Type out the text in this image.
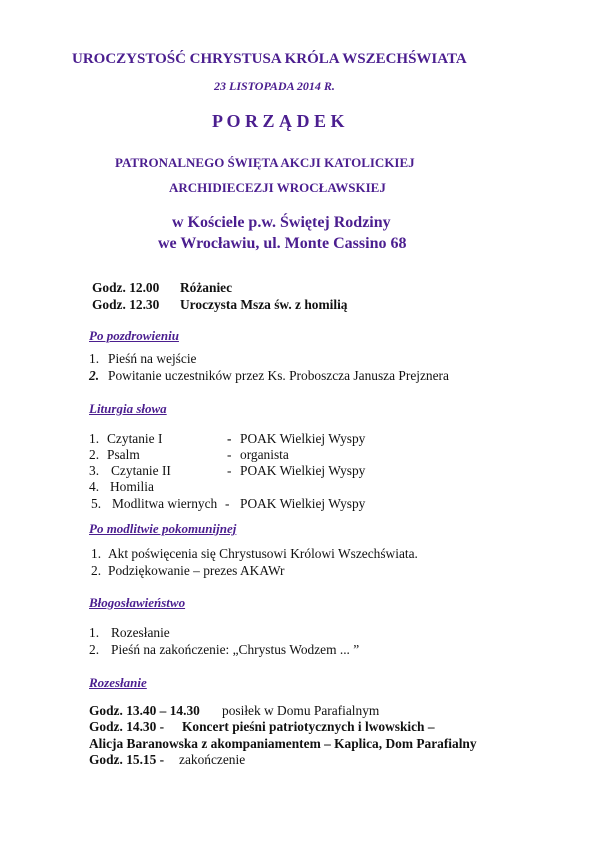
UROCZYSTOŚĆ CHRYSTUSA KRÓLA WSZECHŚWIATA
23 LISTOPADA 2014 R.
P O R Z Ą D E K
PATRONALNEGO ŚWIĘTA AKCJI KATOLICKIEJ
ARCHIDIECEZJI WROCŁAWSKIEJ
w Kościele p.w. Świętej Rodziny
we Wrocławiu, ul. Monte Cassino 68
Godz. 12.00 Różaniec
Godz. 12.30 Uroczysta Msza św. z homilią
Po pozdrowieniu
1. Pieśń na wejście
2. Powitanie uczestników przez Ks. Proboszcza Janusza Prejznera
Liturgia słowa
1. Czytanie I	- POAK Wielkiej Wyspy
2. Psalm	- organista
3. Czytanie II	- POAK Wielkiej Wyspy
4. Homilia
5. Modlitwa wiernych - POAK Wielkiej Wyspy
Po modlitwie pokomunijnej
1. Akt poświęcenia się Chrystusowi Królowi Wszechświata.
2. Podziękowanie – prezes AKAWr
Błogosławieństwo
1. Rozesłanie
2. Pieśń na zakończenie: „Chrystus Wodzem ... ”
Rozesłanie
Godz. 13.40 – 14.30 posiłek w Domu Parafialnym
Godz. 14.30 - Koncert pieśni patriotycznych i lwowskich –
Alicja Baranowska z akompaniamentem – Kaplica, Dom Parafialny
Godz. 15.15 - zakończenie
